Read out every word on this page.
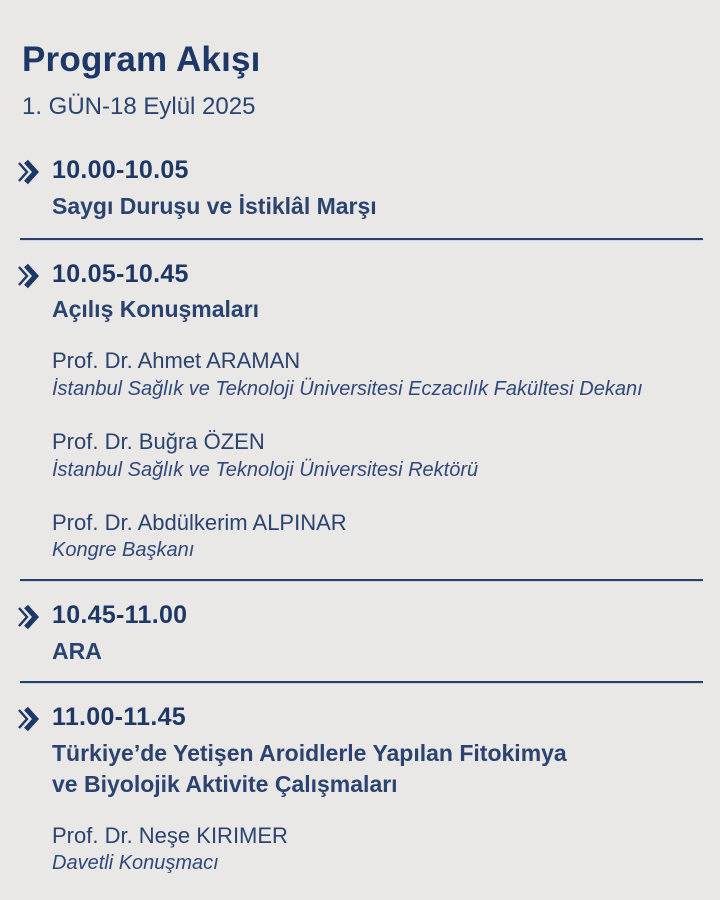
Program Akışı
1. GÜN-18 Eylül 2025
10.00-10.05
Saygı Duruşu ve İstiklâl Marşı
10.05-10.45
Açılış Konuşmaları
Prof. Dr. Ahmet ARAMAN
İstanbul Sağlık ve Teknoloji Üniversitesi Eczacılık Fakültesi Dekanı
Prof. Dr. Buğra ÖZEN
İstanbul Sağlık ve Teknoloji Üniversitesi Rektörü
Prof. Dr. Abdülkerim ALPINAR
Kongre Başkanı
10.45-11.00
ARA
11.00-11.45
Türkiye’de Yetişen Aroidlerle Yapılan Fitokimya ve Biyolojik Aktivite Çalışmaları
Prof. Dr. Neşe KIRIMER
Davetli Konuşmacı
